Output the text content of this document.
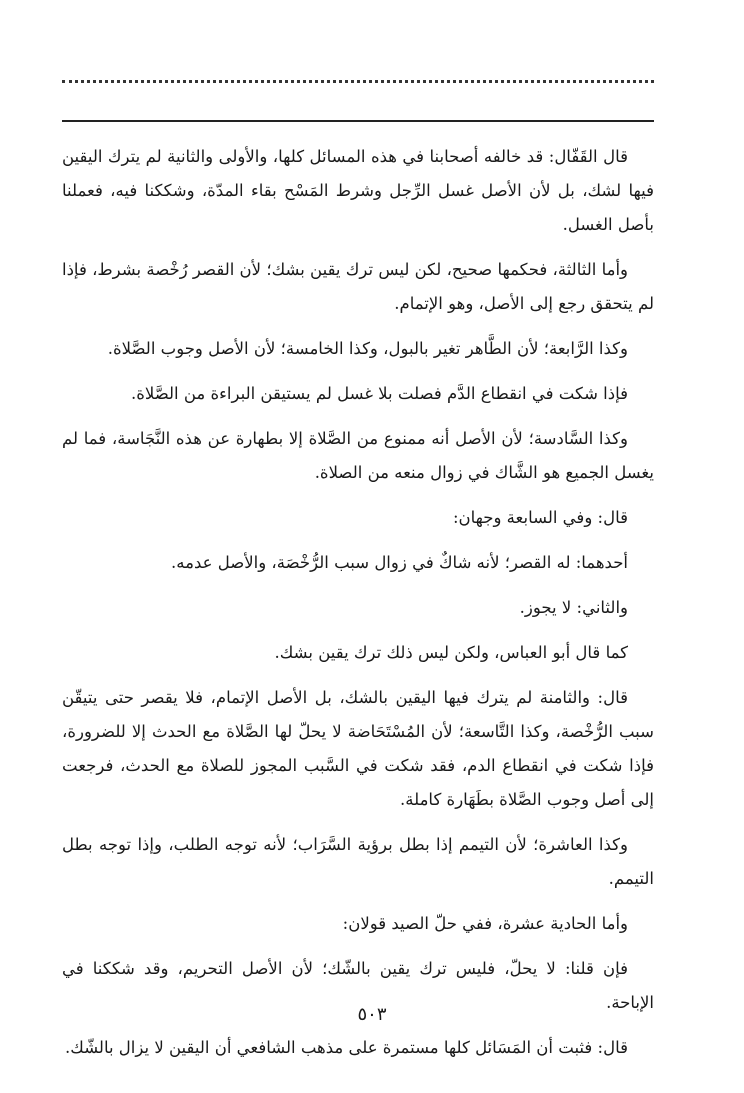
قال القَفّال: قد خالفه أصحابنا في هذه المسائل كلها، والأولى والثانية لم يترك اليقين فيها لشك، بل لأن الأصل غسل الرِّجل وشرط المَسْح بقاء المدّة، وشككنا فيه، فعملنا بأصل الغسل.

وأما الثالثة، فحكمها صحيح، لكن ليس ترك يقين بشك؛ لأن القصر رُخْصة بشرط، فإذا لم يتحقق رجع إلى الأصل، وهو الإتمام.

وكذا الرَّابعة؛ لأن الطَّاهر تغير بالبول، وكذا الخامسة؛ لأن الأصل وجوب الصَّلاة.

فإذا شكت في انقطاع الدَّم فصلت بلا غسل لم يستيقن البراءة من الصَّلاة.

وكذا السَّادسة؛ لأن الأصل أنه ممنوع من الصَّلاة إلا بطهارة عن هذه النَّجَاسة، فما لم يغسل الجميع هو الشَّاك في زوال منعه من الصلاة.

قال: وفي السابعة وجهان:

أحدهما: له القصر؛ لأنه شاكٌ في زوال سبب الرُّخْصَة، والأصل عدمه.

والثاني: لا يجوز.

كما قال أبو العباس، ولكن ليس ذلك ترك يقين بشك.

قال: والثامنة لم يترك فيها اليقين بالشك، بل الأصل الإتمام، فلا يقصر حتى يتيقّن سبب الرُّخْصة، وكذا التَّاسعة؛ لأن المُسْتَحَاضة لا يحلّ لها الصَّلاة مع الحدث إلا للضرورة، فإذا شكت في انقطاع الدم، فقد شكت في السَّبب المجوز للصلاة مع الحدث، فرجعت إلى أصل وجوب الصَّلاة بطَهَارة كاملة.

وكذا العاشرة؛ لأن التيمم إذا بطل برؤية السَّرَاب؛ لأنه توجه الطلب، وإذا توجه بطل التيمم.

وأما الحادية عشرة، ففي حلّ الصيد قولان:

فإن قلنا: لا يحلّ، فليس ترك يقين بالشّك؛ لأن الأصل التحريم، وقد شككنا في الإباحة.

قال: فثبت أن المَسَائل كلها مستمرة على مذهب الشافعي أن اليقين لا يزال بالشّك.

٥٠٣
